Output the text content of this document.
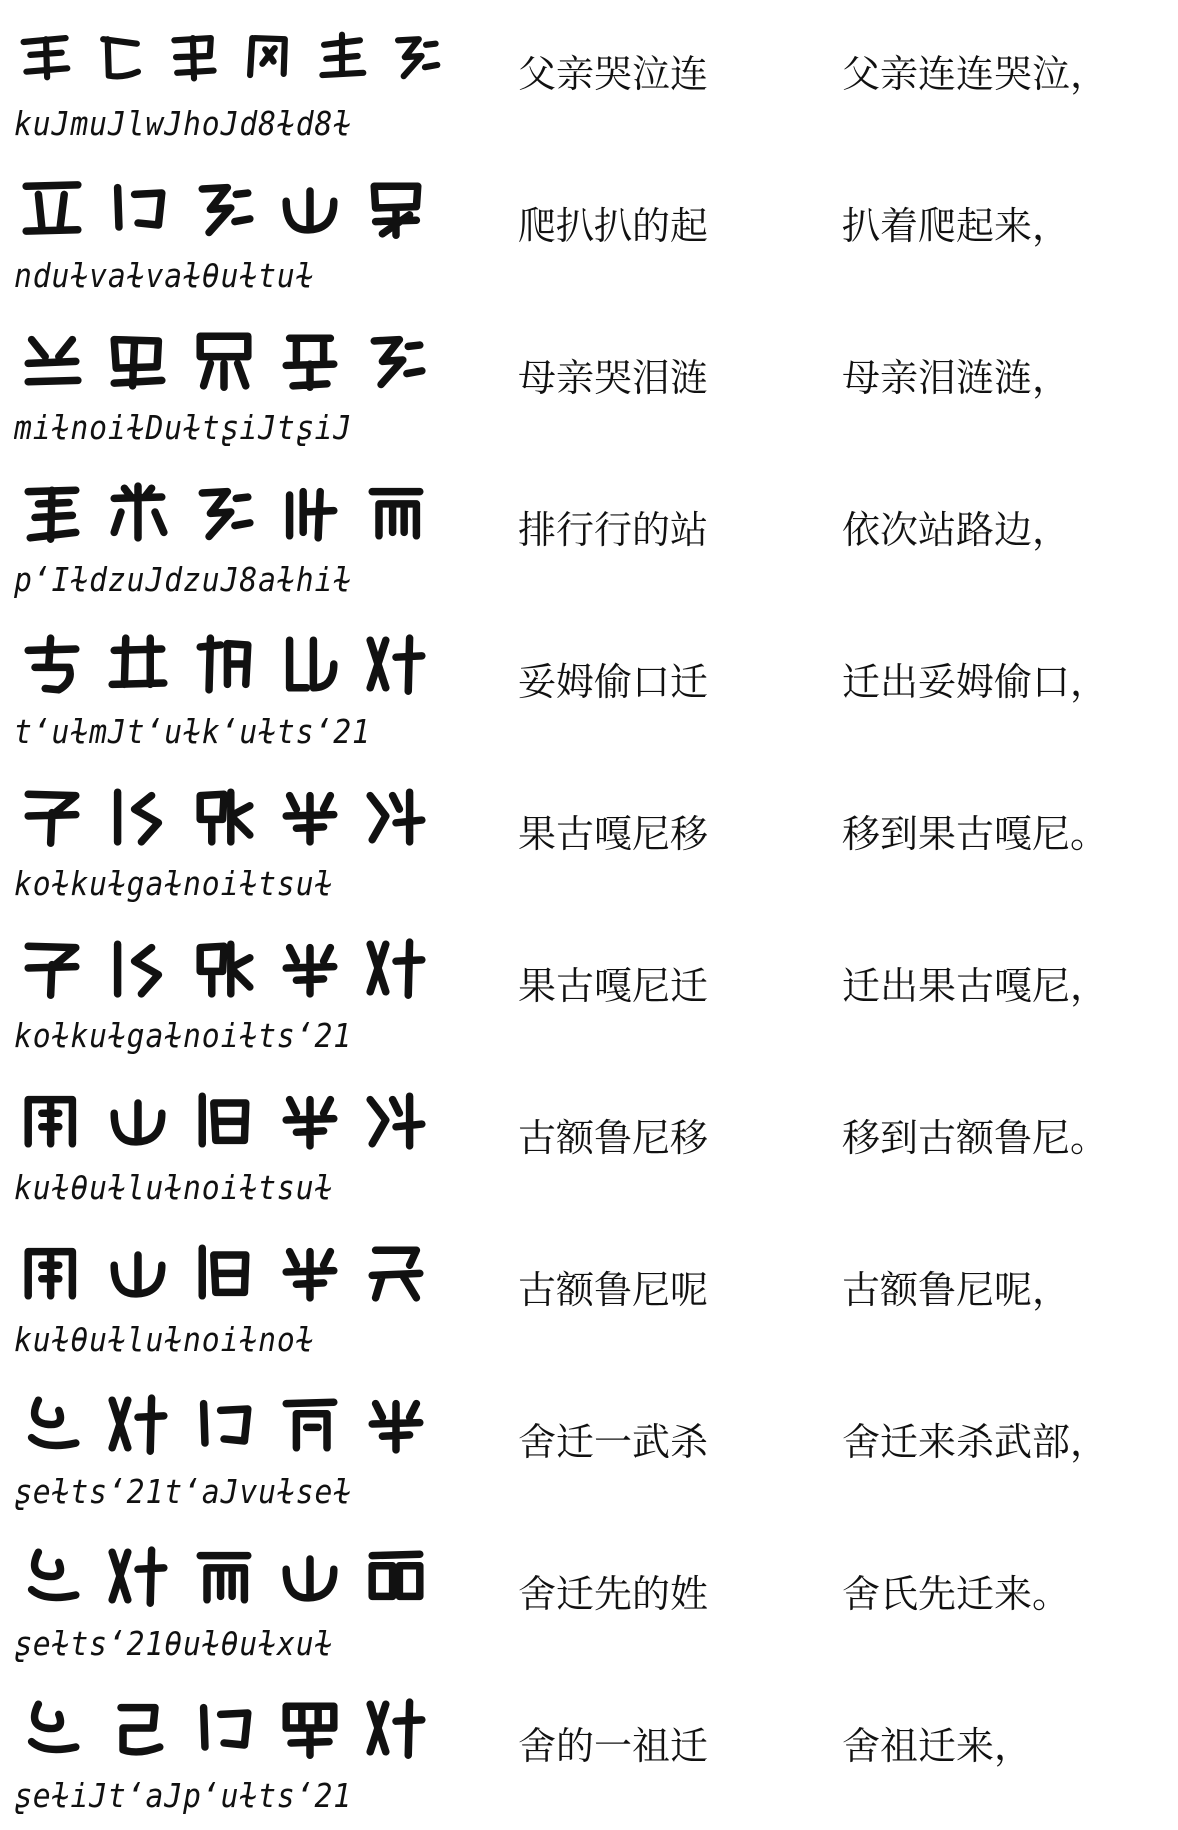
kuJmuJlwJhoJd8ɫd8ɫ
父亲哭泣连	父亲连连哭泣，
nduɫvaɫvaɫθuɫtuɫ
爬扒扒的起	扒着爬起来，
miɫnoiɫDuɫtʂiJtʂiJ
母亲哭泪涟	母亲泪涟涟，
pʻIɫdzuJdzuJ8aɫhiɫ
排行行的站	依次站路边，
tʻuɫmJtʻuɫkʻuɫtsʻ21
妥姆偷口迁	迁出妥姆偷口，
koɫkuɫgaɫnoiɫtsuɫ
果古嘎尼移	移到果古嘎尼。
koɫkuɫgaɫnoiɫtsʻ21
果古嘎尼迁	迁出果古嘎尼，
kuɫθuɫluɫnoiɫtsuɫ
古额鲁尼移	移到古额鲁尼。
kuɫθuɫluɫnoiɫnoɫ
古额鲁尼呢	古额鲁尼呢，
ʂeɫtsʻ21tʻaJvuɫseɫ
舍迁一武杀	舍迁来杀武部，
ʂeɫtsʻ21θuɫθuɫxuɫ
舍迁先的姓	舍氏先迁来。
ʂeɫiJtʻaJpʻuɫtsʻ21
舍的一祖迁	舍祖迁来，
